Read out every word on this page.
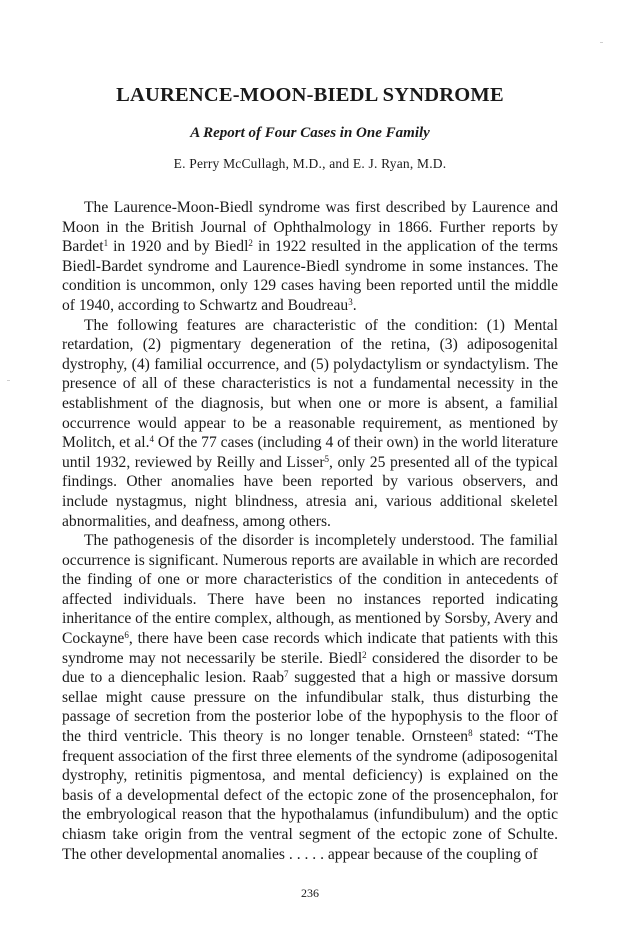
LAURENCE-MOON-BIEDL SYNDROME

A Report of Four Cases in One Family

E. Perry McCullagh, M.D., and E. J. Ryan, M.D.

The Laurence-Moon-Biedl syndrome was first described by Laurence and Moon in the British Journal of Ophthalmology in 1866. Further reports by Bardet$^1$ in 1920 and by Biedl$^2$ in 1922 resulted in the application of the terms Biedl-Bardet syndrome and Laurence-Biedl syndrome in some instances. The condition is uncommon, only 129 cases having been reported until the middle of 1940, according to Schwartz and Boudreau$^3$.

The following features are characteristic of the condition: (1) Mental retardation, (2) pigmentary degeneration of the retina, (3) adiposogenital dystrophy, (4) familial occurrence, and (5) polydactylism or syndactylism. The presence of all of these characteristics is not a fundamental necessity in the establishment of the diagnosis, but when one or more is absent, a familial occurrence would appear to be a reasonable requirement, as mentioned by Molitch, et al.$^4$ Of the 77 cases (including 4 of their own) in the world literature until 1932, reviewed by Reilly and Lisser$^5$, only 25 presented all of the typical findings. Other anomalies have been reported by various observers, and include nystagmus, night blindness, atresia ani, various additional skeletel abnormalities, and deafness, among others.

The pathogenesis of the disorder is incompletely understood. The familial occurrence is significant. Numerous reports are available in which are recorded the finding of one or more characteristics of the condition in antecedents of affected individuals. There have been no instances reported indicating inheritance of the entire complex, although, as mentioned by Sorsby, Avery and Cockayne$^6$, there have been case records which indicate that patients with this syndrome may not necessarily be sterile. Biedl$^2$ considered the disorder to be due to a diencephalic lesion. Raab$^7$ suggested that a high or massive dorsum sellae might cause pressure on the infundibular stalk, thus disturbing the passage of secretion from the posterior lobe of the hypophysis to the floor of the third ventricle. This theory is no longer tenable. Ornsteen$^8$ stated: “The frequent association of the first three elements of the syndrome (adiposogenital dystrophy, retinitis pigmentosa, and mental deficiency) is explained on the basis of a developmental defect of the ectopic zone of the prosencephalon, for the embryological reason that the hypothalamus (infundibulum) and the optic chiasm take origin from the ventral segment of the ectopic zone of Schulte. The other developmental anomalies . . . . . appear because of the coupling of

236
